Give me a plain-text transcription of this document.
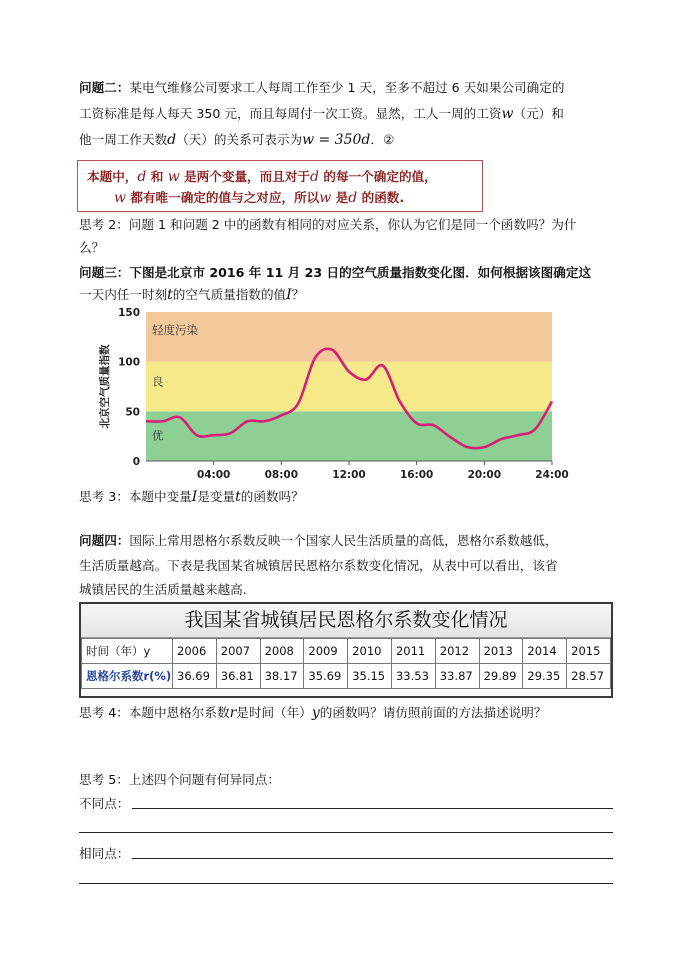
问题二：某电气维修公司要求工人每周工作至少 1 天，至多不超过 6 天如果公司确定的
工资标准是每人每天 350 元，而且每周付一次工资。显然，工人一周的工资w（元）和
他一周工作天数d（天）的关系可表示为w = 350d．②
本题中，d 和 w 是两个变量，而且对于d 的每一个确定的值，
w 都有唯一确定的值与之对应，所以w 是d 的函数.
思考 2：问题 1 和问题 2 中的函数有相同的对应关系，你认为它们是同一个函数吗？为什
么？
问题三：下图是北京市 2016 年 11 月 23 日的空气质量指数变化图．如何根据该图确定这
一天内任一时刻t的空气质量指数的值I？
优
良
轻度污染
0
50
100
150
04:00	08:00	12:00	16:00	20:00	24:00
北京空气质量指数
思考 3：本题中变量I是变量t的函数吗？
问题四：国际上常用恩格尔系数反映一个国家人民生活质量的高低，恩格尔系数越低，
生活质量越高。下表是我国某省城镇居民恩格尔系数变化情况，从表中可以看出，该省
城镇居民的生活质量越来越高.
我国某省城镇居民恩格尔系数变化情况
时间（年）y	2006	2007	2008	2009	2010	2011	2012	2013	2014	2015
恩格尔系数r(%)	36.69	36.81	38.17	35.69	35.15	33.53	33.87	29.89	29.35	28.57
思考 4：本题中恩格尔系数r是时间（年）y的函数吗？请仿照前面的方法描述说明？
思考 5：上述四个问题有何异同点：
不同点：
相同点：
